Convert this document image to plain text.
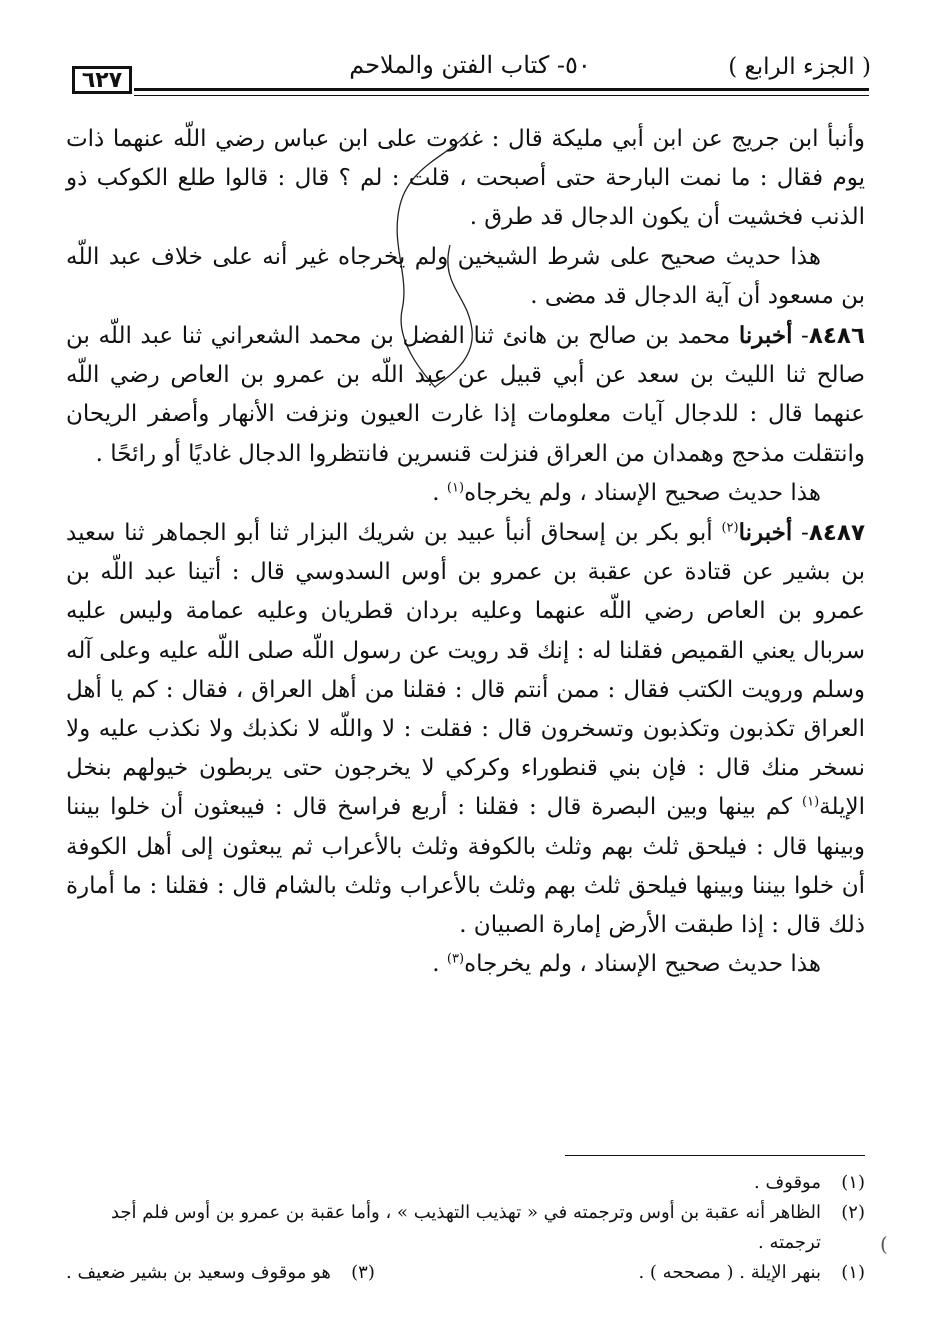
( الجزء الرابع )
٥٠- كتاب الفتن والملاحم
٦٢٧

وأنبأ ابن جريج عن ابن أبي مليكة قال : غدوت على ابن عباس رضي اللّه عنهما ذات يوم فقال : ما نمت البارحة حتى أصبحت ، قلت : لم ؟ قال : قالوا طلع الكوكب ذو الذنب فخشيت أن يكون الدجال قد طرق .

هذا حديث صحيح على شرط الشيخين ولم يخرجاه غير أنه على خلاف عبد اللّه بن مسعود أن آية الدجال قد مضى .

٨٤٨٦- أخبرنا محمد بن صالح بن هانئ ثنا الفضل بن محمد الشعراني ثنا عبد اللّه بن صالح ثنا الليث بن سعد عن أبي قبيل عن عبد اللّه بن عمرو بن العاص رضي اللّه عنهما قال : للدجال آيات معلومات إذا غارت العيون ونزفت الأنهار وأصفر الريحان وانتقلت مذحج وهمدان من العراق فنزلت قنسرين فانتظروا الدجال غاديًا أو رائحًا .

هذا حديث صحيح الإسناد ، ولم يخرجاه$^{(١)}$ .

٨٤٨٧- أخبرنا$^{(٢)}$ أبو بكر بن إسحاق أنبأ عبيد بن شريك البزار ثنا أبو الجماهر ثنا سعيد بن بشير عن قتادة عن عقبة بن عمرو بن أوس السدوسي قال : أتينا عبد اللّه بن عمرو بن العاص رضي اللّه عنهما وعليه بردان قطريان وعليه عمامة وليس عليه سربال يعني القميص فقلنا له : إنك قد رويت عن رسول اللّه صلى اللّه عليه وعلى آله وسلم ورويت الكتب فقال : ممن أنتم قال : فقلنا من أهل العراق ، فقال : كم يا أهل العراق تكذبون وتكذبون وتسخرون قال : فقلت : لا واللّه لا نكذبك ولا نكذب عليه ولا نسخر منك قال : فإن بني قنطوراء وكركي لا يخرجون حتى يربطون خيولهم بنخل الإيلة$^{(١)}$ كم بينها وبين البصرة قال : فقلنا : أربع فراسخ قال : فيبعثون أن خلوا بيننا وبينها قال : فيلحق ثلث بهم وثلث بالكوفة وثلث بالأعراب ثم يبعثون إلى أهل الكوفة أن خلوا بيننا وبينها فيلحق ثلث بهم وثلث بالأعراب وثلث بالشام قال : فقلنا : ما أمارة ذلك قال : إذا طبقت الأرض إمارة الصبيان .

هذا حديث صحيح الإسناد ، ولم يخرجاه$^{(٣)}$ .

(١)
موقوف .
(٢)
الظاهر أنه عقبة بن أوس وترجمته في « تهذيب التهذيب » ، وأما عقبة بن عمرو بن أوس فلم أجد ترجمته .
(١)
بنهر الإيلة . ( مصححه ) .
(٣)
هو موقوف وسعيد بن بشير ضعيف .
)
